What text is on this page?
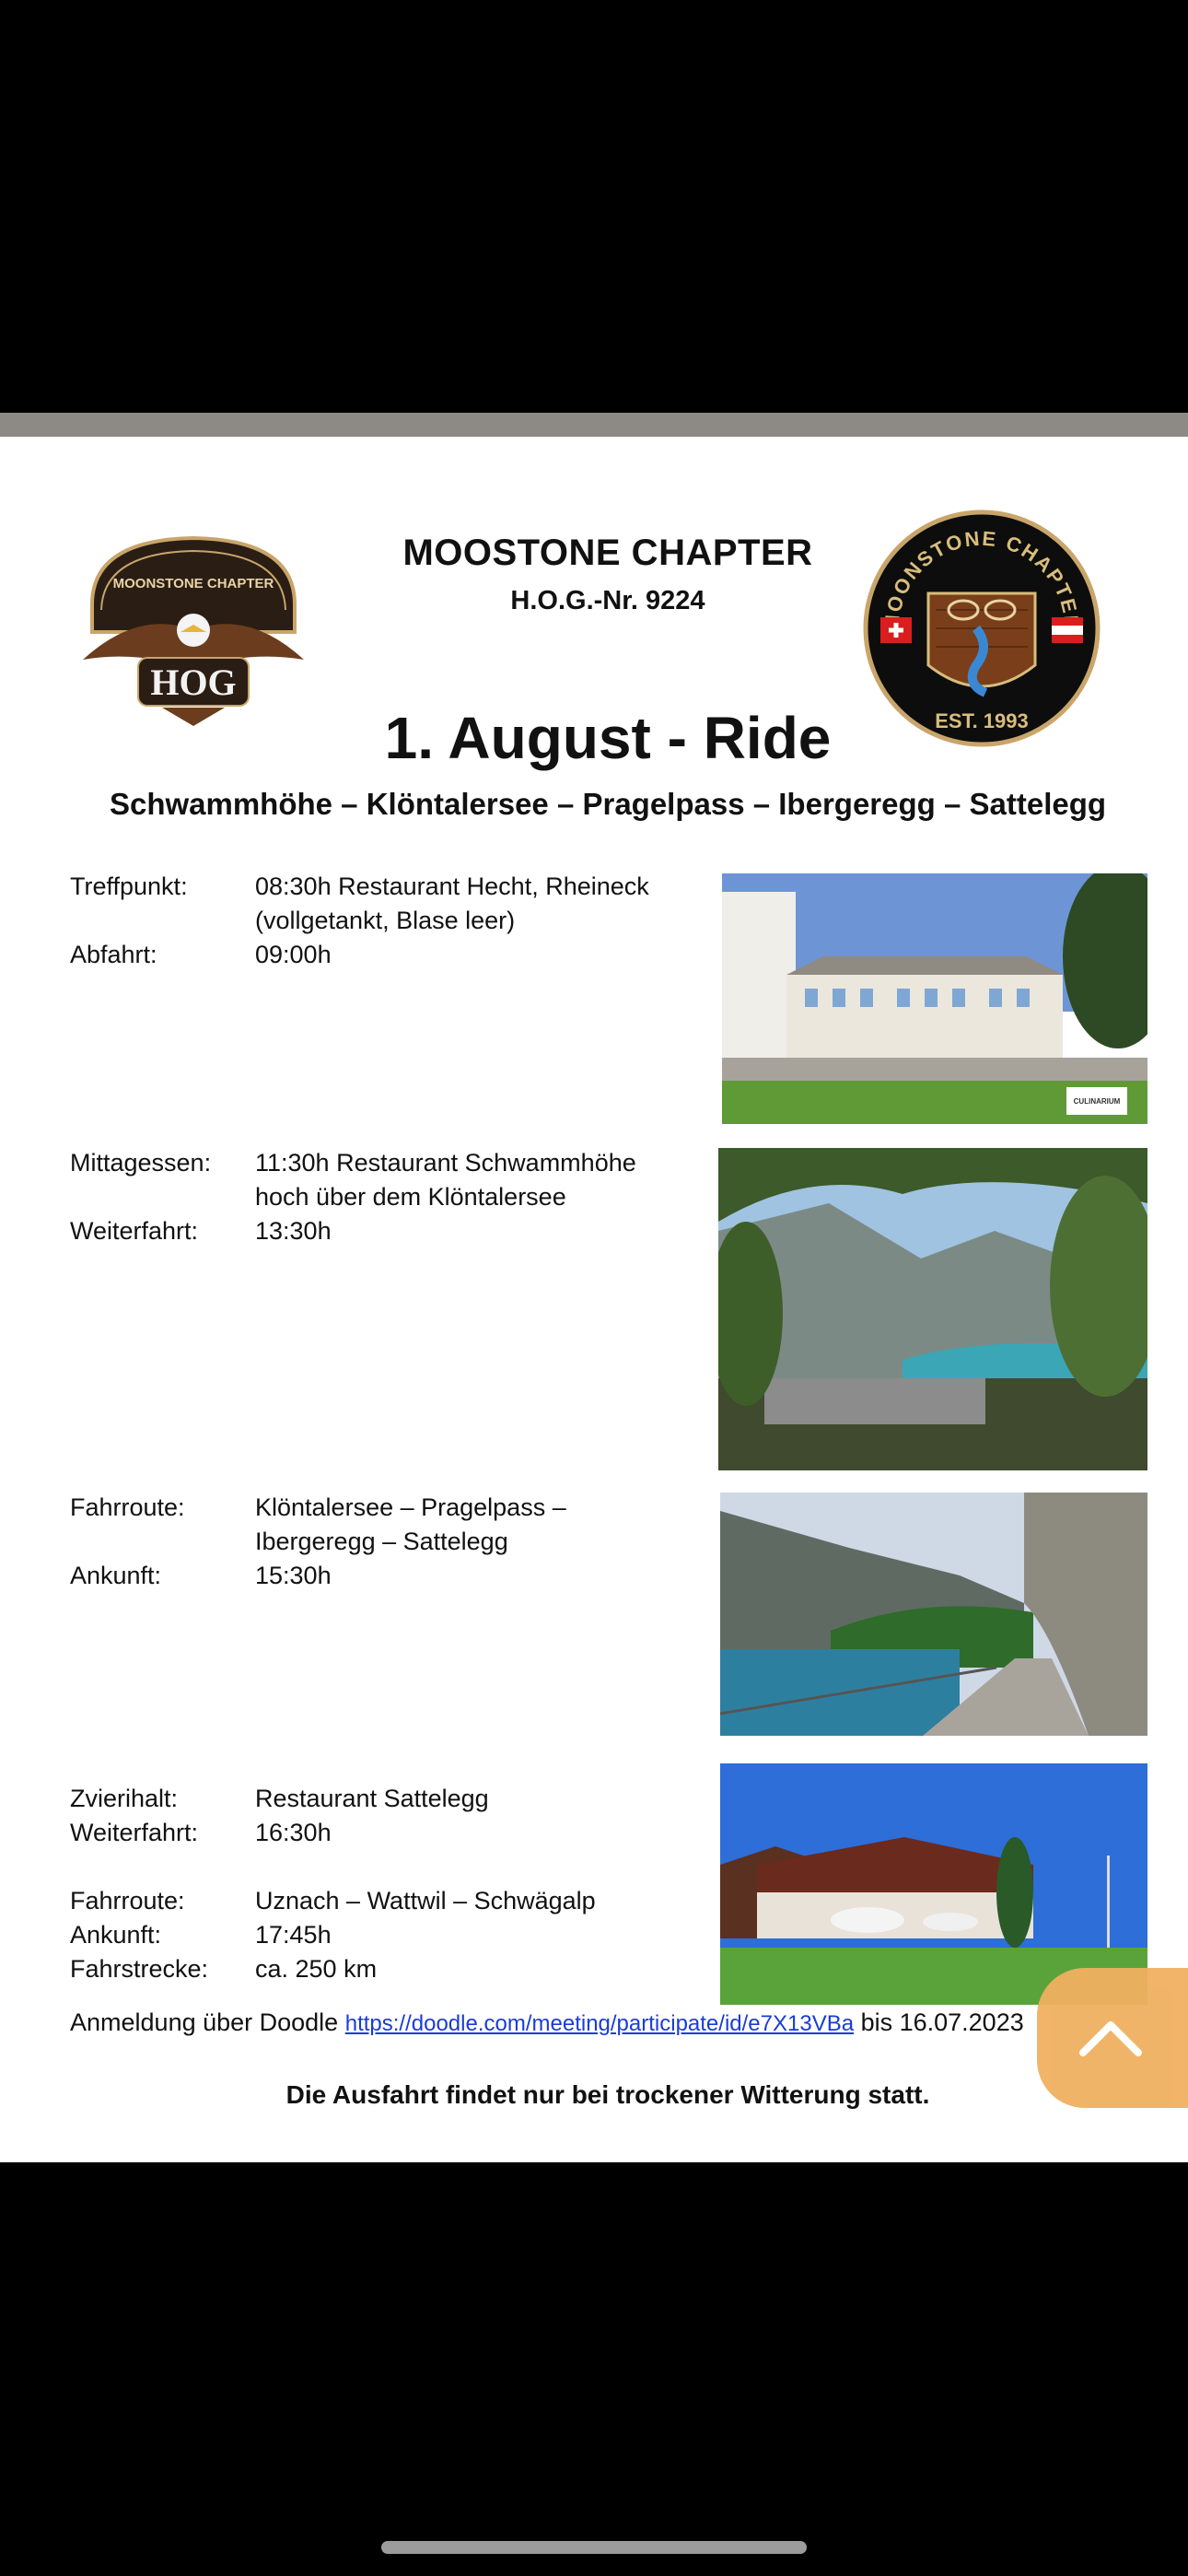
MOONSTONE CHAPTER
HOG
MOOSTONE CHAPTER
H.O.G.-Nr. 9224	OONSTONE CHAPTE
EST. 1993
1. August - Ride
Schwammhöhe – Klöntalersee – Pragelpass – Ibergeregg – Sattelegg
Treffpunkt:	08:30h Restaurant Hecht, Rheineck
(vollgetankt, Blase leer)
Abfahrt:	09:00h
CULINARIUM
Mittagessen: 11:30h Restaurant Schwammhöhe
hoch über dem Klöntalersee
Weiterfahrt: 13:30h
Fahrroute:	Klöntalersee – Pragelpass –
Ibergeregg – Sattelegg
Ankunft:	15:30h
Zvierihalt:	Restaurant Sattelegg
Weiterfahrt: 16:30h
Fahrroute:	Uznach – Wattwil – Schwägalp
Ankunft:	17:45h
Fahrstrecke: ca. 250 km
Anmeldung über Doodle https://doodle.com/meeting/participate/id/e7X13VBa bis 16.07.2023
Die Ausfahrt findet nur bei trockener Witterung statt.
